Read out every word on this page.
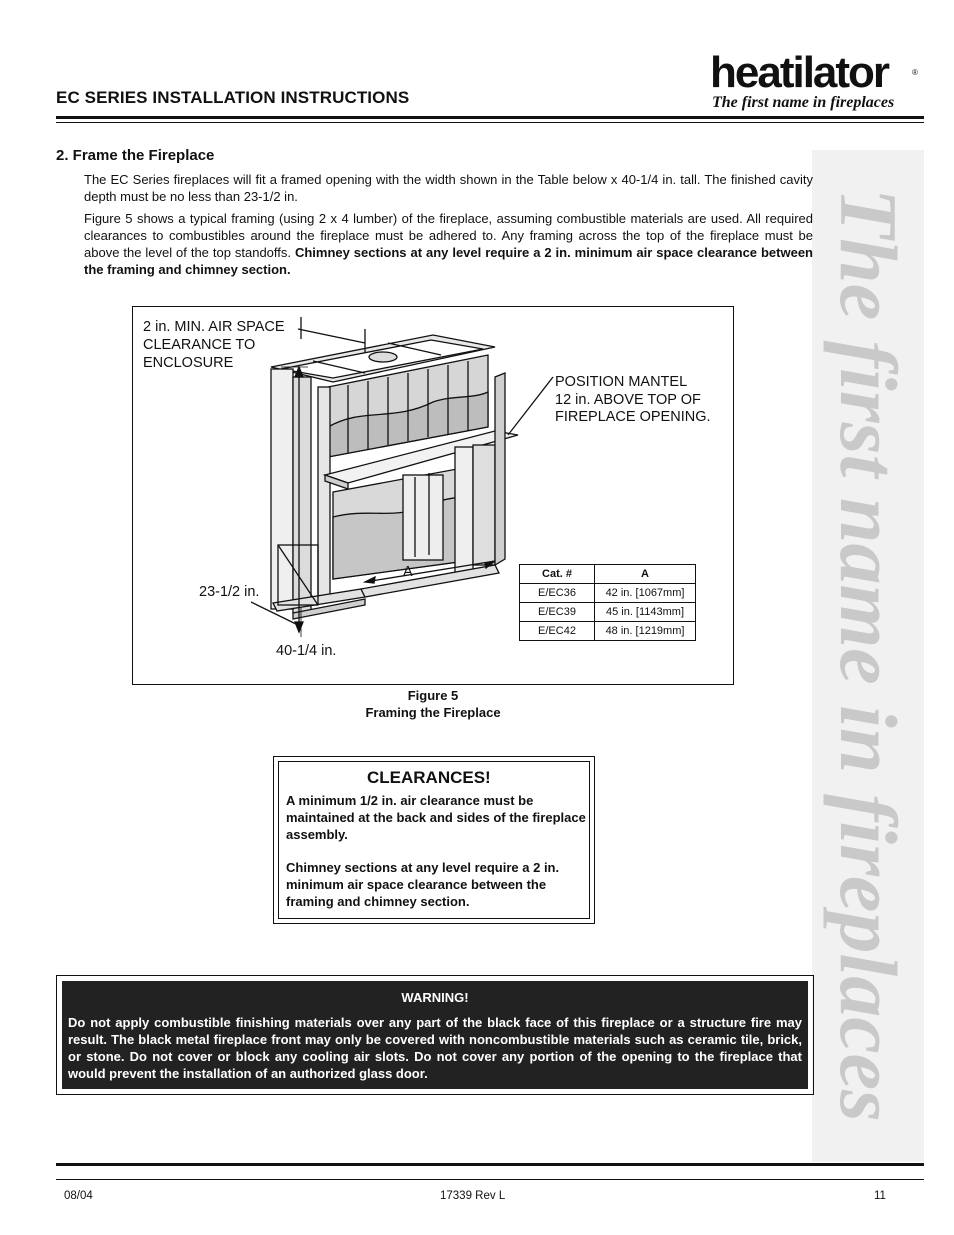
EC SERIES INSTALLATION INSTRUCTIONS
heatilator	®
The first name in fireplaces
The first name in fireplaces
2. Frame the Fireplace
The EC Series fireplaces will fit a framed opening with the width shown in the Table below x 40-1/4 in. tall. The finished cavity depth must be no less than 23-1/2 in.
Figure 5 shows a typical framing (using 2 x 4 lumber) of the fireplace, assuming combustible materials are used. All required clearances to combustibles around the fireplace must be adhered to. Any framing across the top of the fireplace must be above the level of the top standoffs. Chimney sections at any level require a 2 in. minimum air space clearance between the framing and chimney section.
2 in. MIN. AIR SPACE
CLEARANCE TO
ENCLOSURE
POSITION MANTEL
12 in. ABOVE TOP OF
FIREPLACE OPENING.
23-1/2 in.
40-1/4 in.
A	Cat. #	A
E/EC36	42 in. [1067mm]
E/EC39	45 in. [1143mm]
E/EC42	48 in. [1219mm]
Figure 5
Framing the Fireplace
CLEARANCES!
A minimum 1/2 in. air clearance must be maintained at the back and sides of the fireplace assembly.
Chimney sections at any level require a 2 in. minimum air space clearance between the framing and chimney section.
WARNING!
Do not apply combustible finishing materials over any part of the black face of this fireplace or a structure fire may result. The black metal fireplace front may only be covered with noncombustible materials such as ceramic tile, brick, or stone. Do not cover or block any cooling air slots. Do not cover any portion of the opening to the fireplace that would prevent the installation of an authorized glass door.
08/04	17339 Rev L	11
